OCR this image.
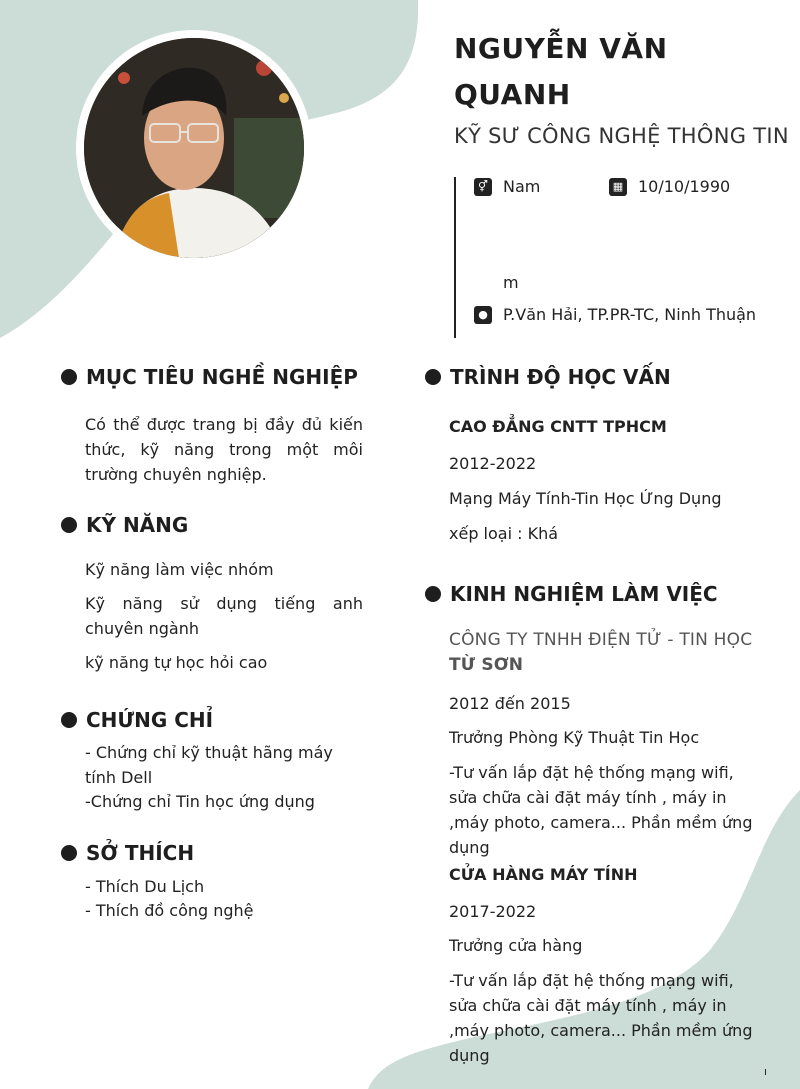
NGUYỄN VĂN QUANH
KỸ SƯ CÔNG NGHỆ THÔNG TIN
⚥ Nam	▦ 10/10/1990
m
● P.Văn Hải, TP.PR-TC, Ninh Thuận
MỤC TIÊU NGHỀ NGHIỆP
Có thể được trang bị đầy đủ kiến thức, kỹ năng trong một môi trường chuyên nghiệp.
KỸ NĂNG
Kỹ năng làm việc nhóm
Kỹ năng sử dụng tiếng anh chuyên ngành
kỹ năng tự học hỏi cao
CHỨNG CHỈ
- Chứng chỉ kỹ thuật hãng máy tính Dell
-Chứng chỉ Tin học ứng dụng
SỞ THÍCH
- Thích Du Lịch
- Thích đồ công nghệ
TRÌNH ĐỘ HỌC VẤN
CAO ĐẲNG CNTT TPHCM
2012-2022
Mạng Máy Tính-Tin Học Ứng Dụng
xếp loại : Khá
KINH NGHIỆM LÀM VIỆC
CÔNG TY TNHH ĐIỆN TỬ - TIN HỌC
TỪ SƠN
2012 đến 2015
Trưởng Phòng Kỹ Thuật Tin Học
-Tư vấn lắp đặt hệ thống mạng wifi, sửa chữa cài đặt máy tính , máy in ,máy photo, camera... Phần mềm ứng dụng
CỬA HÀNG MÁY TÍNH
2017-2022
Trưởng cửa hàng
-Tư vấn lắp đặt hệ thống mạng wifi, sửa chữa cài đặt máy tính , máy in ,máy photo, camera... Phần mềm ứng dụng
ı
